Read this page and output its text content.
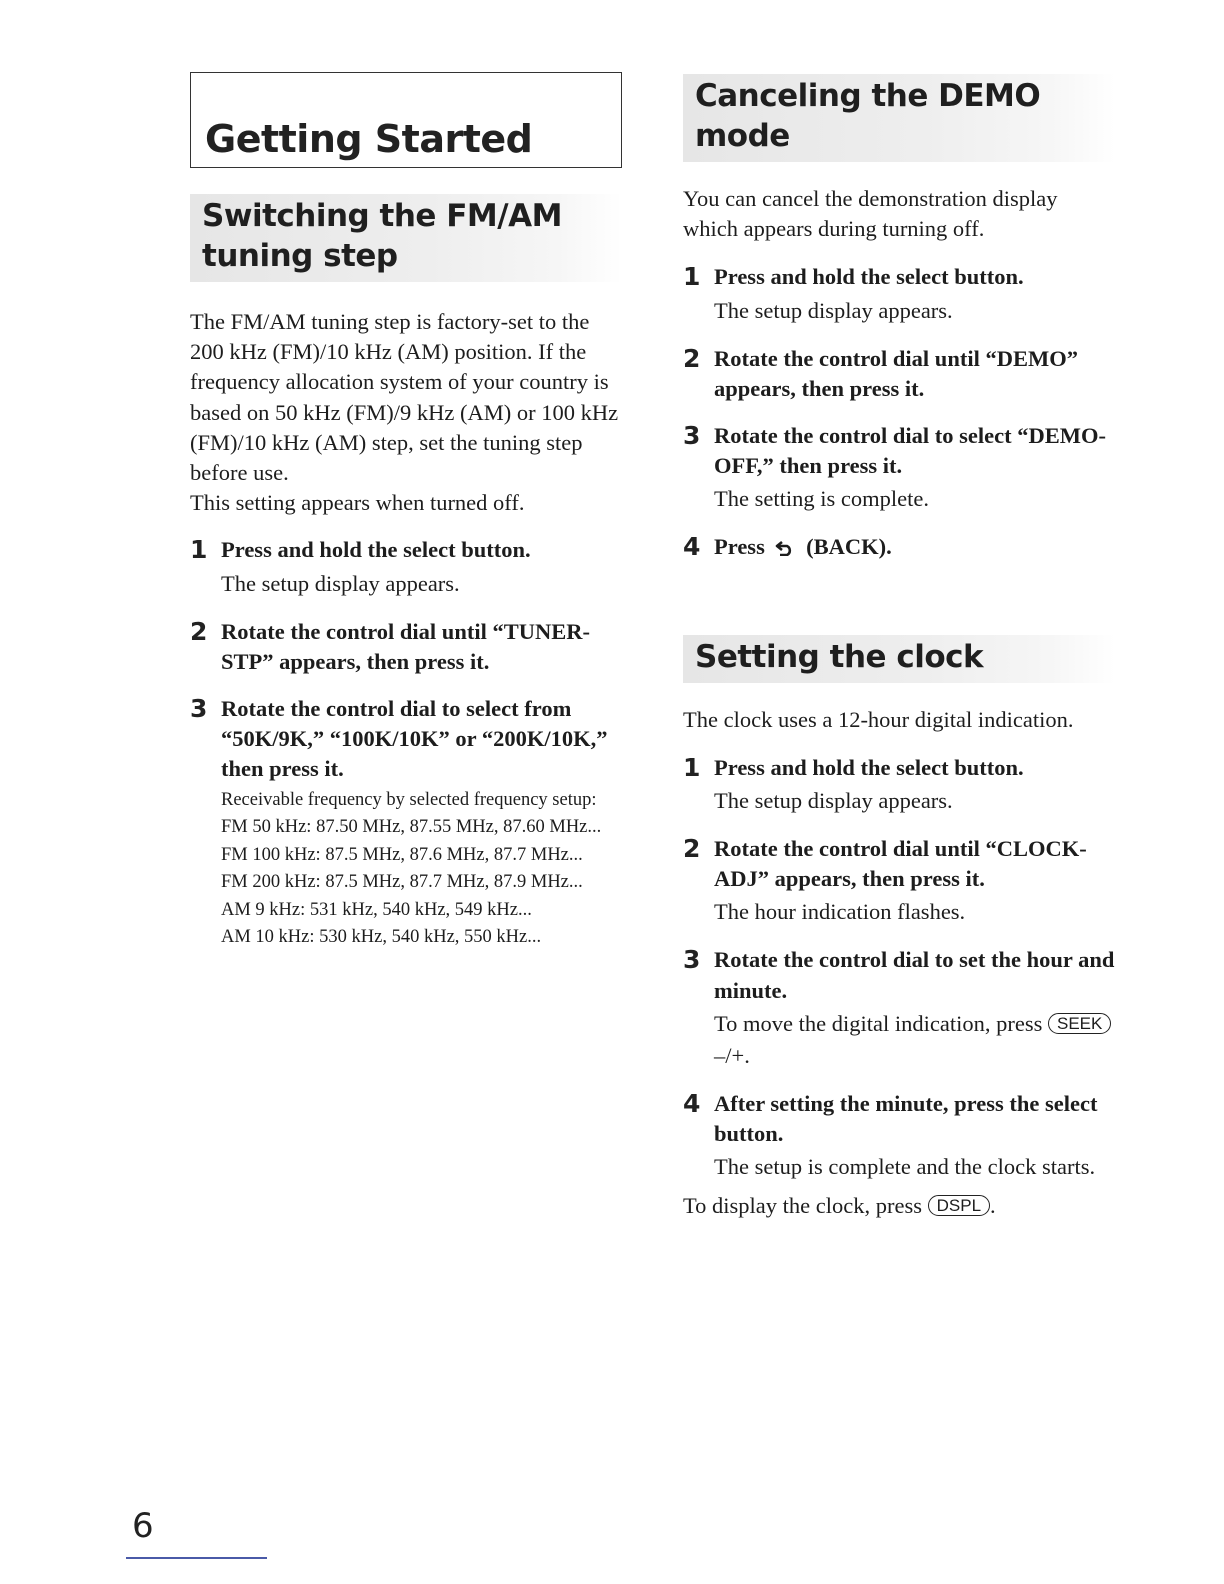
Getting Started
Switching the FM/AM
tuning step

The FM/AM tuning step is factory-set to the 200 kHz (FM)/10 kHz (AM) position. If the frequency allocation system of your country is based on 50 kHz (FM)/9 kHz (AM) or 100 kHz (FM)/10 kHz (AM) step, set the tuning step before use.

This setting appears when turned off.

1 Press and hold the select button.
The setup display appears.
2 Rotate the control dial until “TUNER-STP” appears, then press it.
3 Rotate the control dial to select from “50K/9K,” “100K/10K” or “200K/10K,” then press it.
Receivable frequency by selected frequency setup:
FM 50 kHz: 87.50 MHz, 87.55 MHz, 87.60 MHz...
FM 100 kHz: 87.5 MHz, 87.6 MHz, 87.7 MHz...
FM 200 kHz: 87.5 MHz, 87.7 MHz, 87.9 MHz...
AM 9 kHz: 531 kHz, 540 kHz, 549 kHz...
AM 10 kHz: 530 kHz, 540 kHz, 550 kHz...
Canceling the DEMO
mode

You can cancel the demonstration display which appears during turning off.

1 Press and hold the select button.
The setup display appears.
2 Rotate the control dial until “DEMO” appears, then press it.
3 Rotate the control dial to select “DEMO-OFF,” then press it.
The setting is complete.
4 Press (BACK).
Setting the clock

The clock uses a 12-hour digital indication.

1 Press and hold the select button.
The setup display appears.
2 Rotate the control dial until “CLOCK-ADJ” appears, then press it.
The hour indication flashes.
3 Rotate the control dial to set the hour and minute.
To move the digital indication, press SEEK –/+.
4 After setting the minute, press the select button.
The setup is complete and the clock starts.

To display the clock, press DSPL .

6
